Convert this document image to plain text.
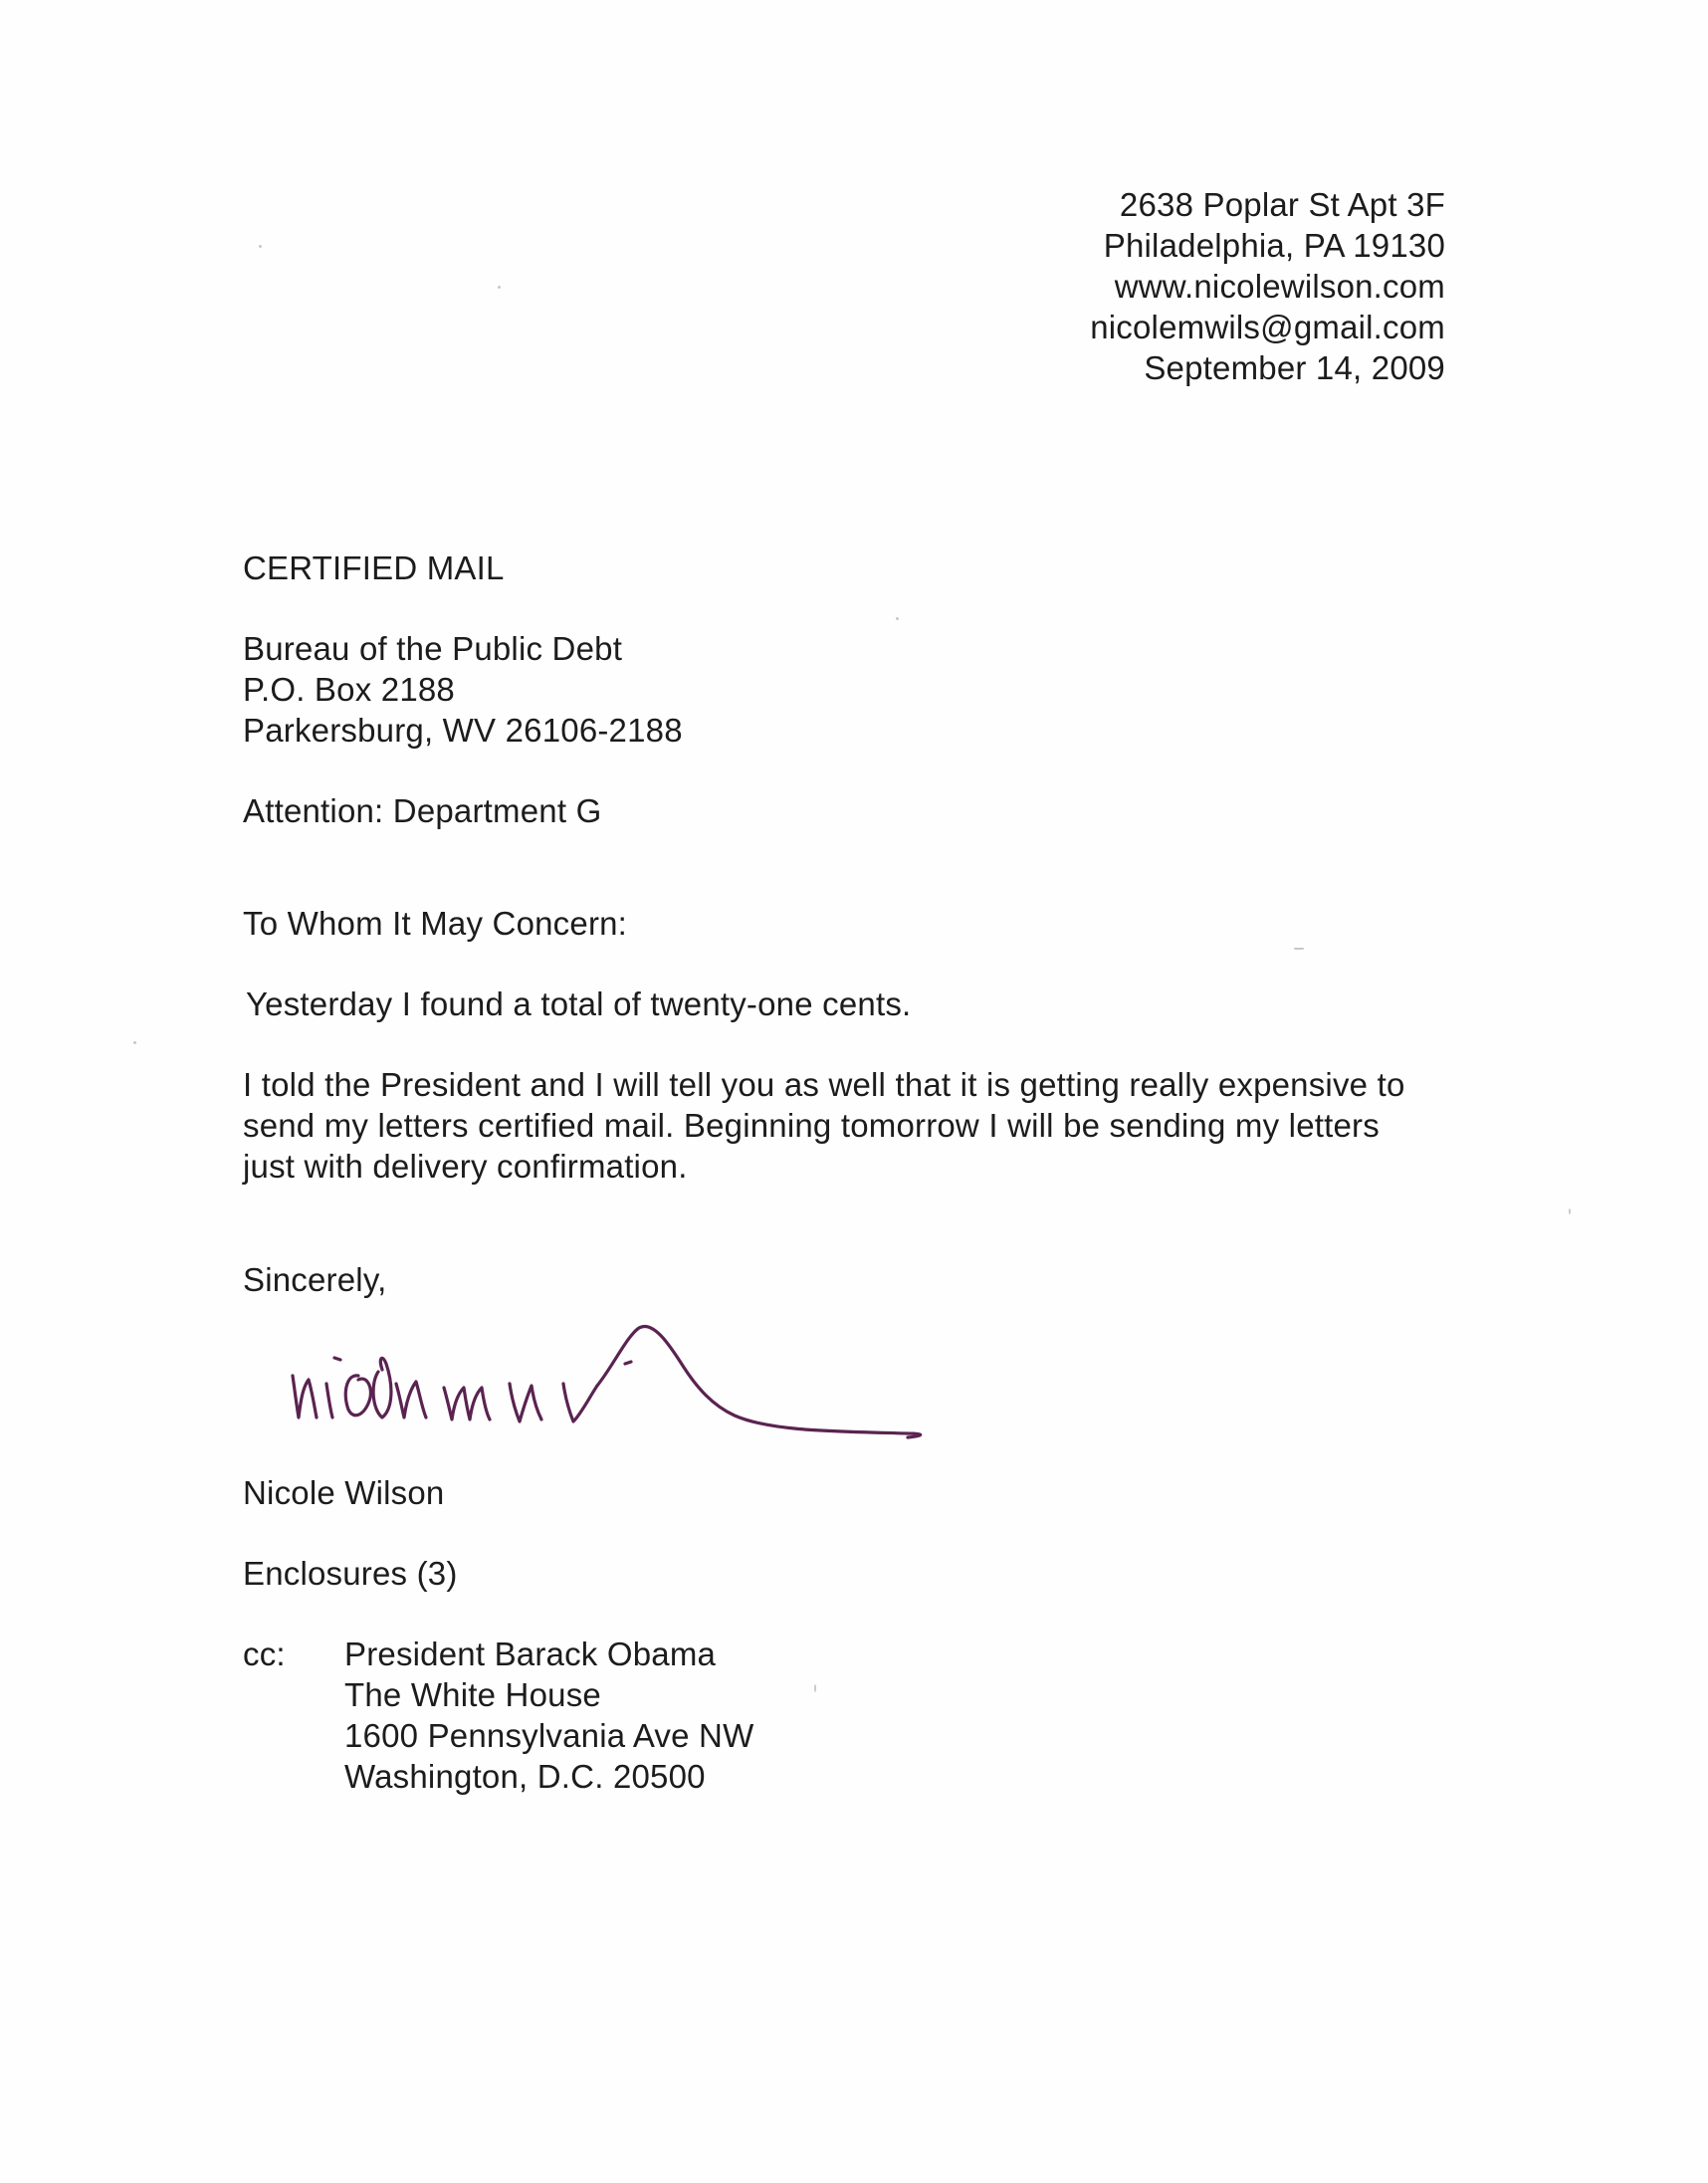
2638 Poplar St Apt 3F
Philadelphia, PA 19130
www.nicolewilson.com
nicolemwils@gmail.com
September 14, 2009
CERTIFIED MAIL
Bureau of the Public Debt
P.O. Box 2188
Parkersburg, WV 26106-2188
Attention: Department G
To Whom It May Concern:
Yesterday I found a total of twenty-one cents.
I told the President and I will tell you as well that it is getting really expensive to
send my letters certified mail. Beginning tomorrow I will be sending my letters
just with delivery confirmation.
Sincerely,
Nicole Wilson
Enclosures (3)
cc: President Barack Obama
The White House
1600 Pennsylvania Ave NW
Washington, D.C. 20500
